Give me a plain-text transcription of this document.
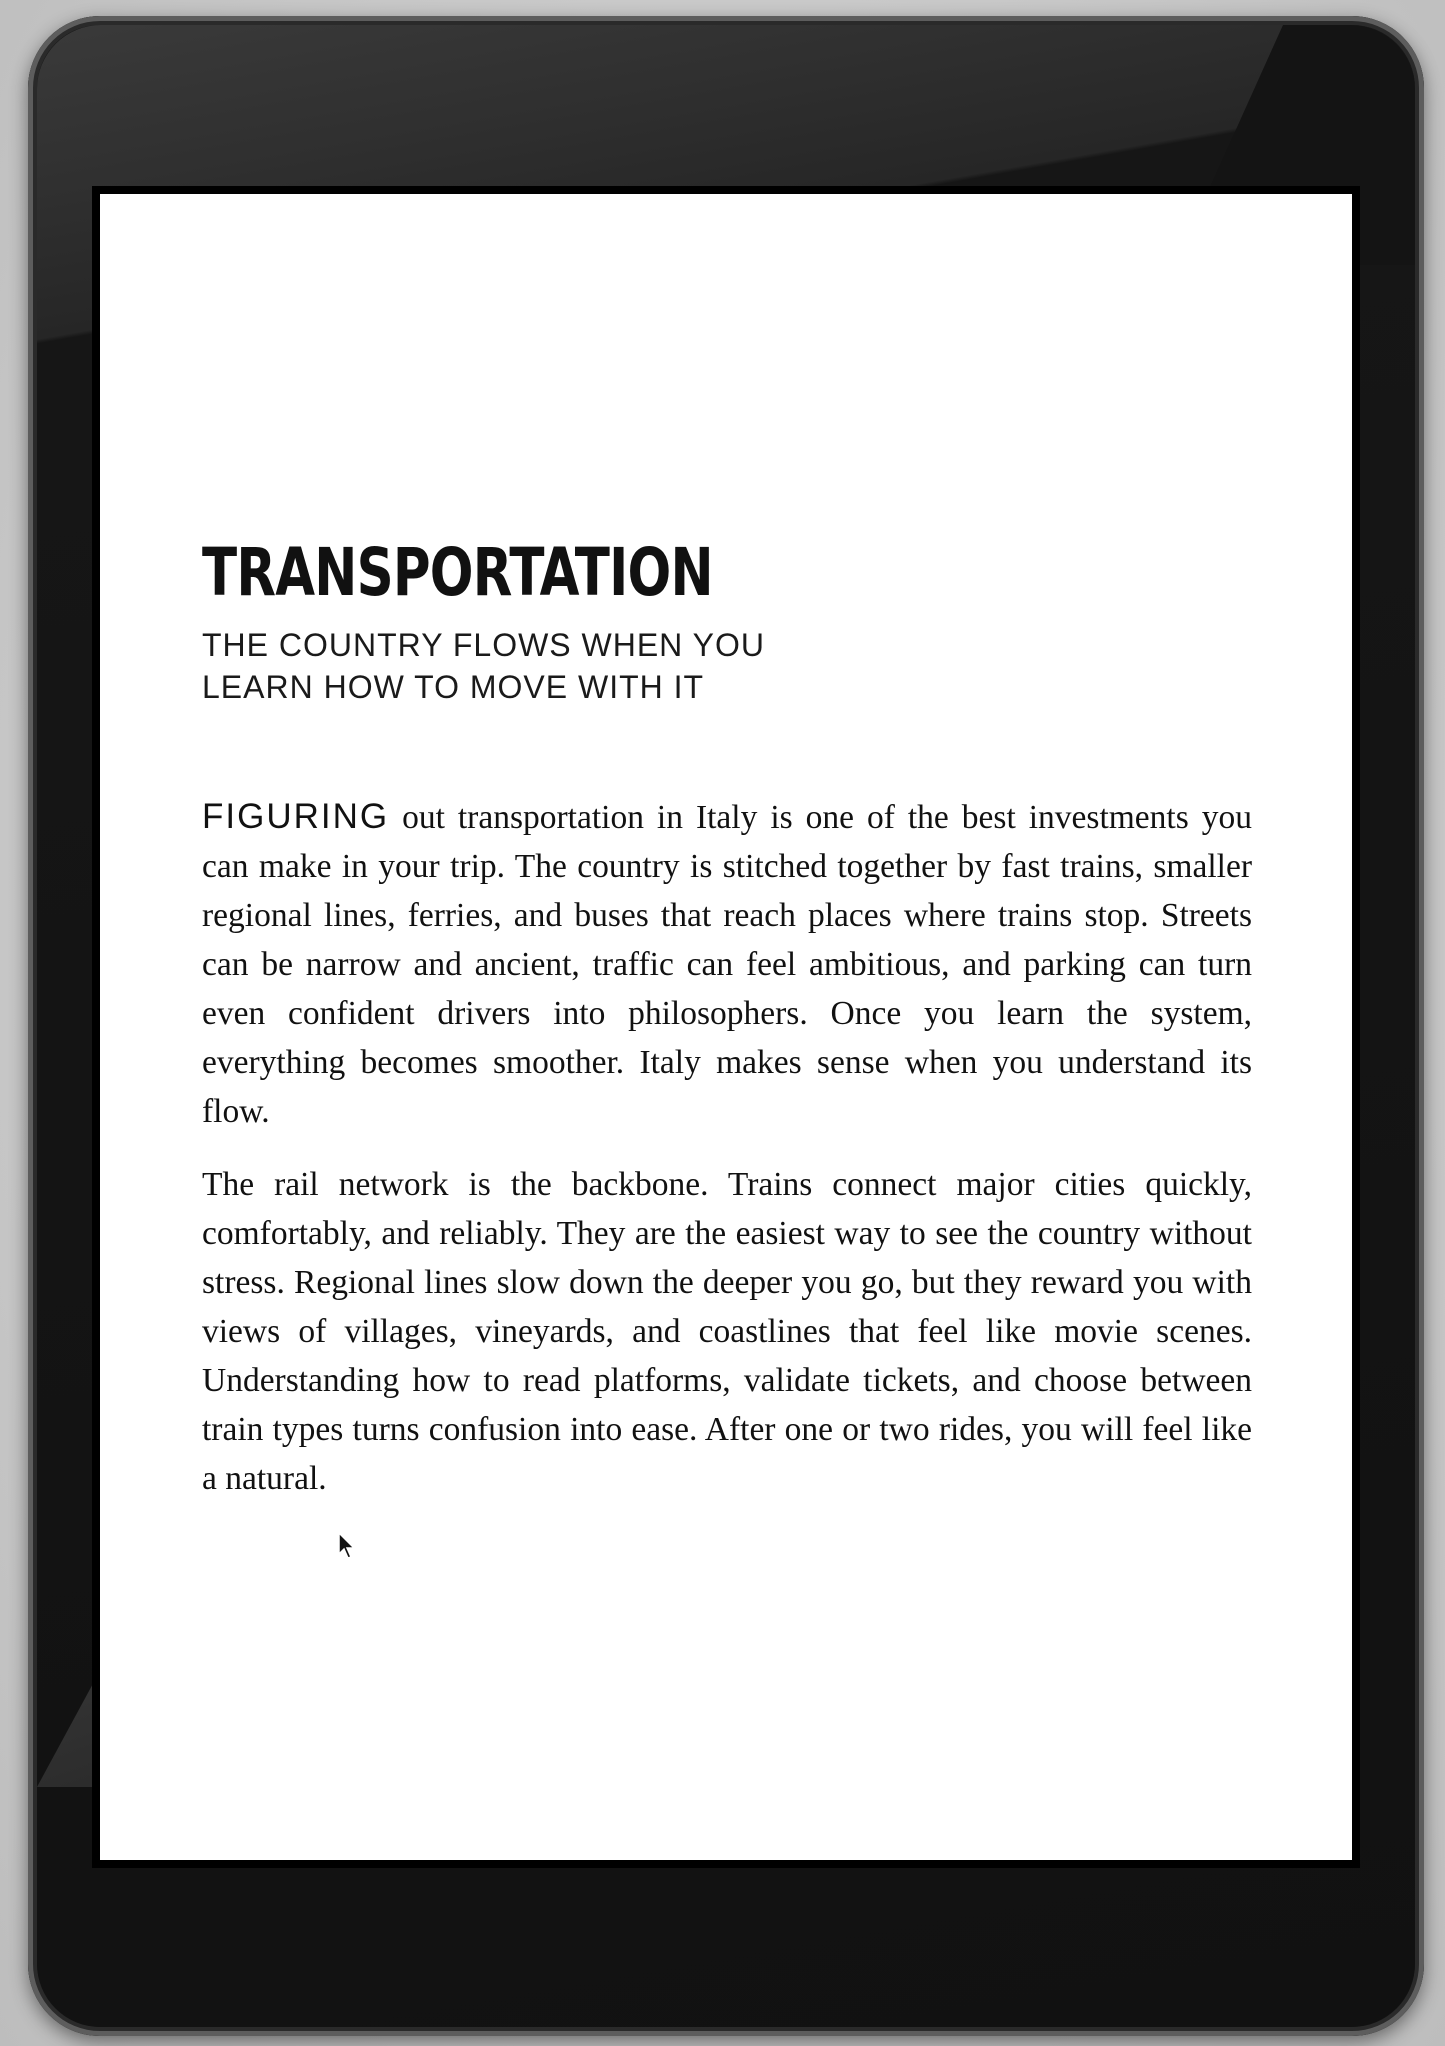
TRANSPORTATION
THE COUNTRY FLOWS WHEN YOU LEARN HOW TO MOVE WITH IT

FIGURING out transportation in Italy is one of the best investments you can make in your trip. The country is stitched together by fast trains, smaller regional lines, ferries, and buses that reach places where trains stop. Streets can be narrow and ancient, traffic can feel ambitious, and parking can turn even confident drivers into philosophers. Once you learn the system, everything becomes smoother. Italy makes sense when you understand its flow.

The rail network is the backbone. Trains connect major cities quickly, comfortably, and reliably. They are the easiest way to see the country without stress. Regional lines slow down the deeper you go, but they reward you with views of villages, vineyards, and coastlines that feel like movie scenes. Understanding how to read platforms, validate tickets, and choose between train types turns confusion into ease. After one or two rides, you will feel like a natural.
